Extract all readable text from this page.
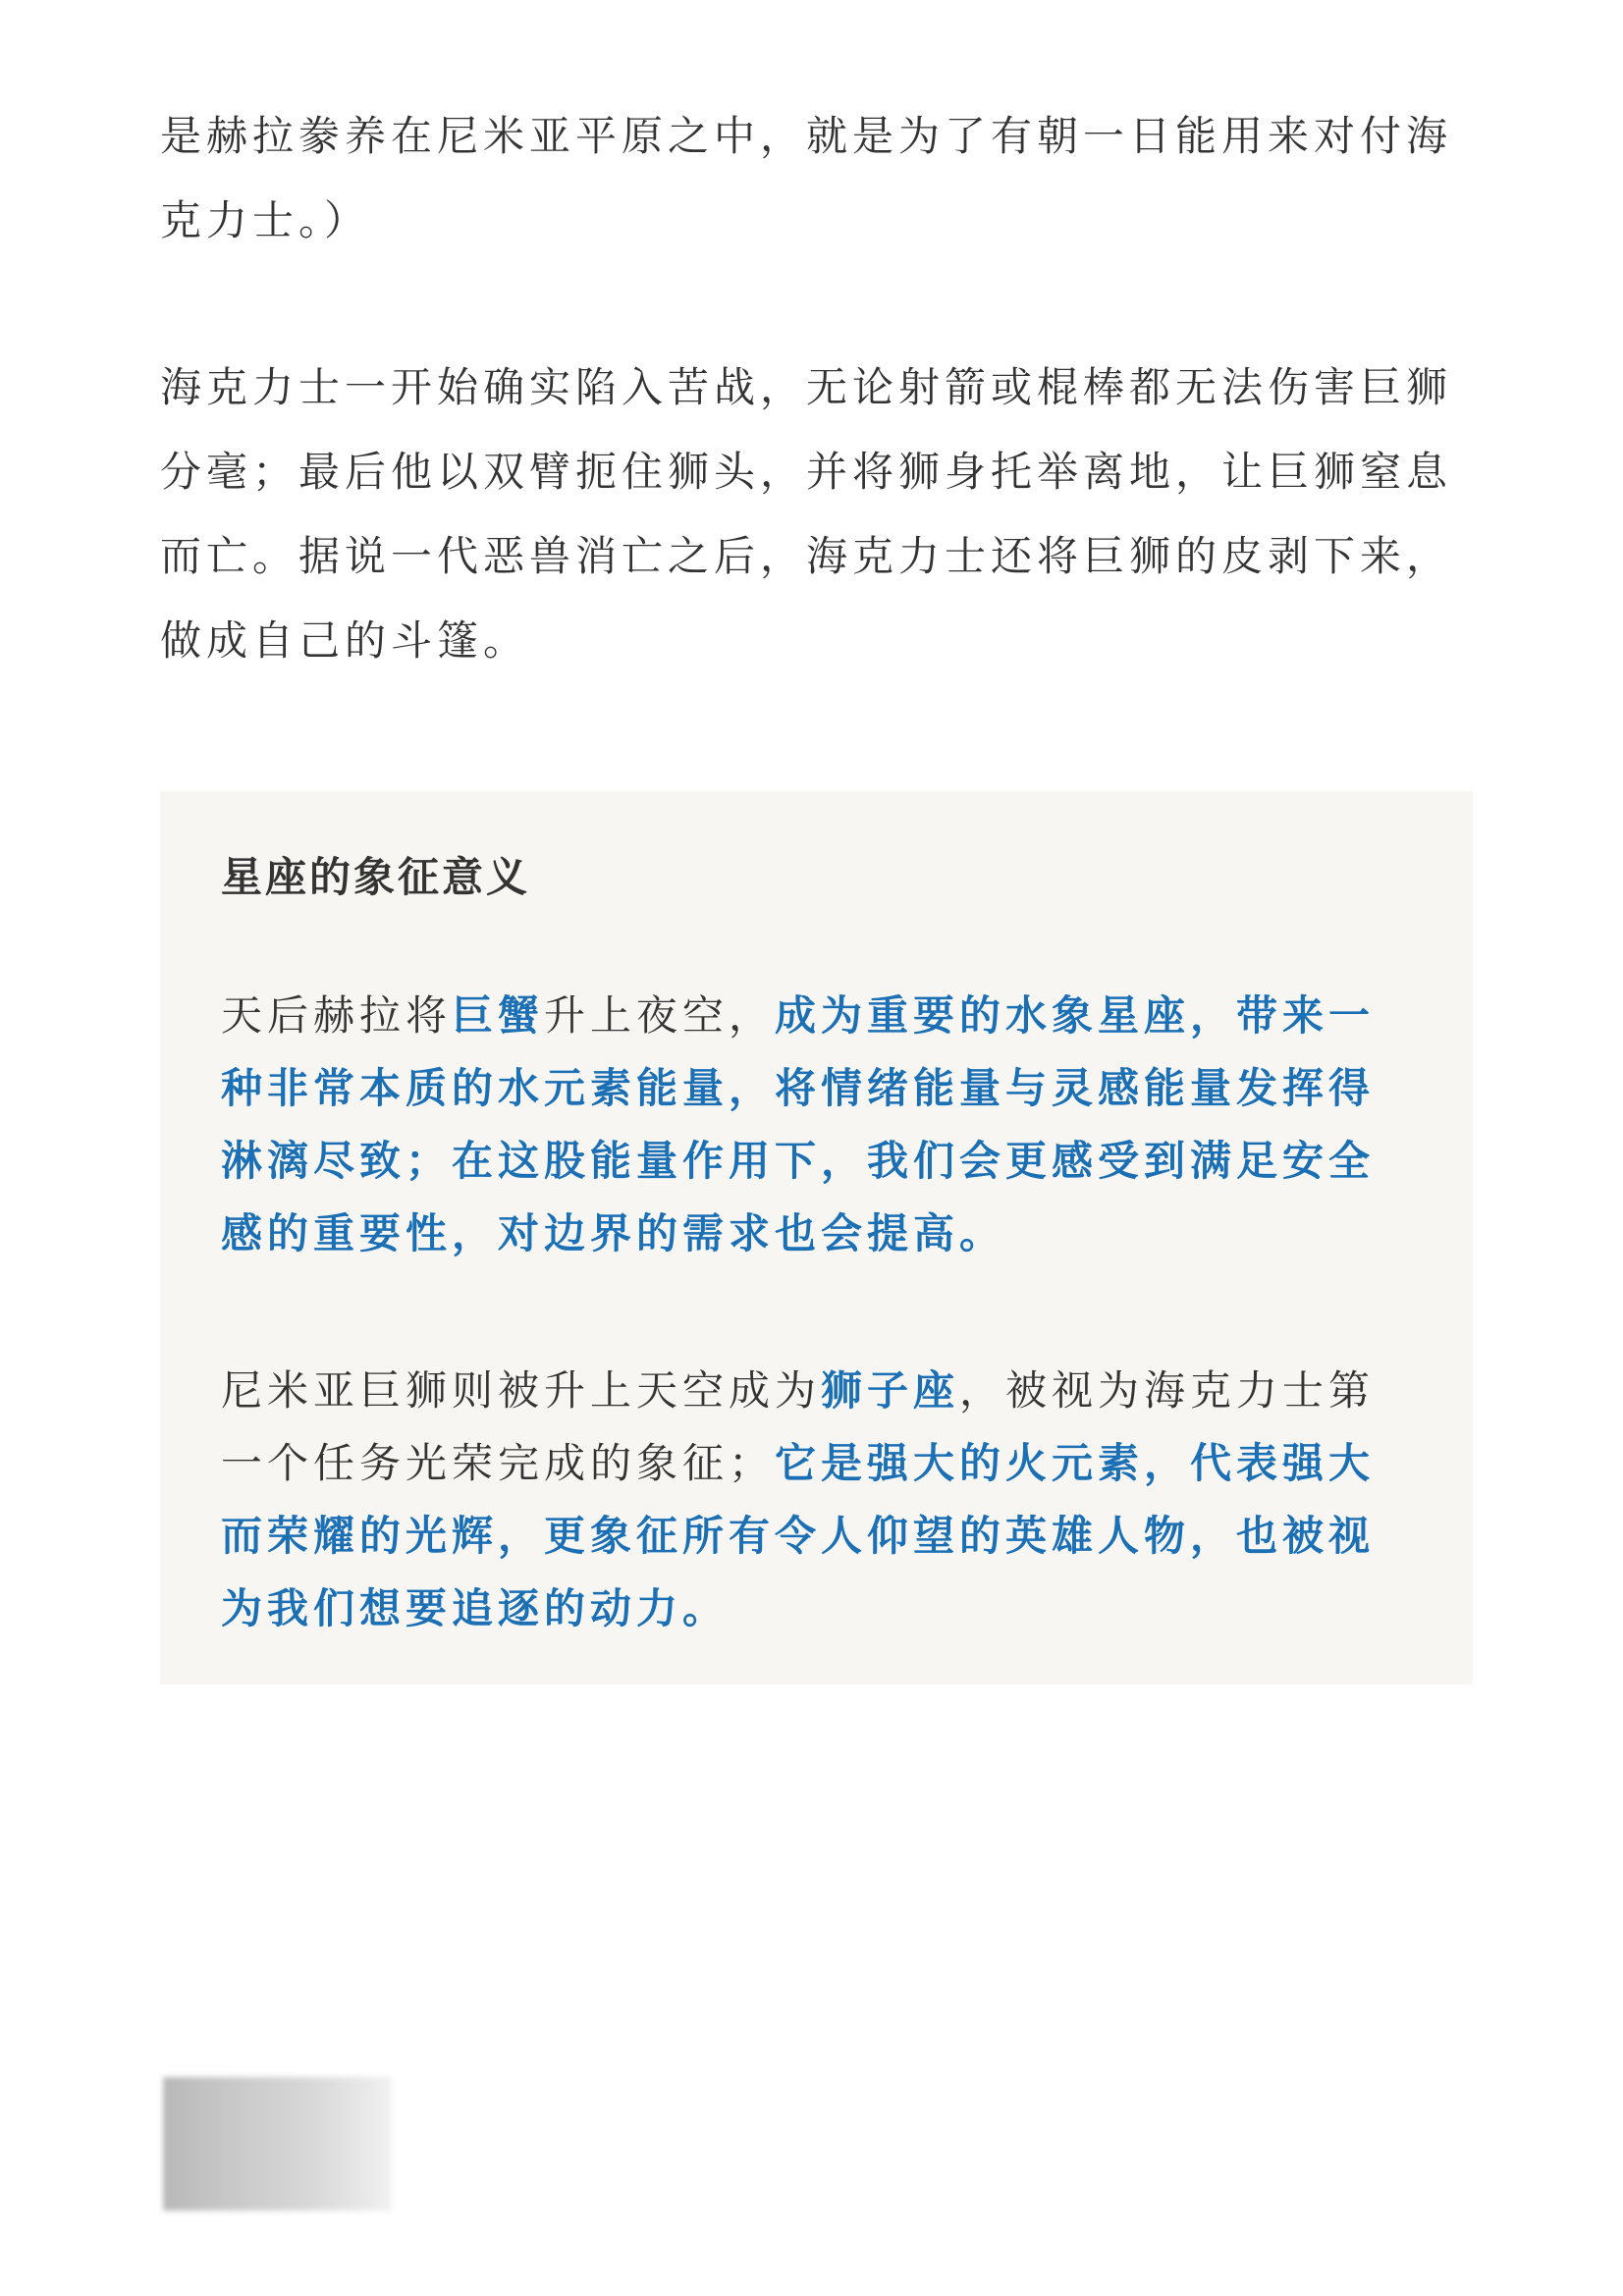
是赫拉豢养在尼米亚平原之中，就是为了有朝一日能用来对付海克力士。）

海克力士一开始确实陷入苦战，无论射箭或棍棒都无法伤害巨狮分毫；最后他以双臂扼住狮头，并将狮身托举离地，让巨狮窒息而亡。据说一代恶兽消亡之后，海克力士还将巨狮的皮剥下来，做成自己的斗篷。

星座的象征意义

天后赫拉将巨蟹升上夜空，成为重要的水象星座，带来一种非常本质的水元素能量，将情绪能量与灵感能量发挥得淋漓尽致；在这股能量作用下，我们会更感受到满足安全感的重要性，对边界的需求也会提高。

尼米亚巨狮则被升上天空成为狮子座，被视为海克力士第一个任务光荣完成的象征；它是强大的火元素，代表强大而荣耀的光辉，更象征所有令人仰望的英雄人物，也被视为我们想要追逐的动力。
